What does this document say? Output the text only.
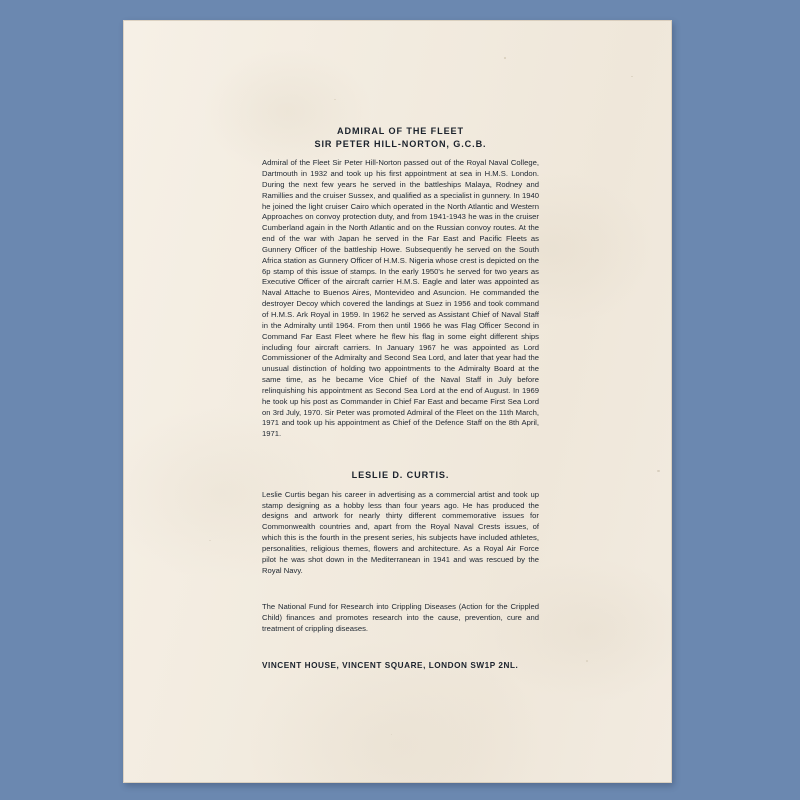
ADMIRAL OF THE FLEET
SIR PETER HILL-NORTON, G.C.B.

Admiral of the Fleet Sir Peter Hill-Norton passed out of the Royal Naval College, Dartmouth in 1932 and took up his first appointment at sea in H.M.S. London. During the next few years he served in the battleships Malaya, Rodney and Ramillies and the cruiser Sussex, and qualified as a specialist in gunnery. In 1940 he joined the light cruiser Cairo which operated in the North Atlantic and Western Approaches on convoy protection duty, and from 1941-1943 he was in the cruiser Cumberland again in the North Atlantic and on the Russian convoy routes. At the end of the war with Japan he served in the Far East and Pacific Fleets as Gunnery Officer of the battleship Howe. Subsequently he served on the South Africa station as Gunnery Officer of H.M.S. Nigeria whose crest is depicted on the 6p stamp of this issue of stamps. In the early 1950's he served for two years as Executive Officer of the aircraft carrier H.M.S. Eagle and later was appointed as Naval Attache to Buenos Aires, Montevideo and Asuncion. He commanded the destroyer Decoy which covered the landings at Suez in 1956 and took command of H.M.S. Ark Royal in 1959. In 1962 he served as Assistant Chief of Naval Staff in the Admiralty until 1964. From then until 1966 he was Flag Officer Second in Command Far East Fleet where he flew his flag in some eight different ships including four aircraft carriers. In January 1967 he was appointed as Lord Commissioner of the Admiralty and Second Sea Lord, and later that year had the unusual distinction of holding two appointments to the Admiralty Board at the same time, as he became Vice Chief of the Naval Staff in July before relinquishing his appointment as Second Sea Lord at the end of August. In 1969 he took up his post as Commander in Chief Far East and became First Sea Lord on 3rd July, 1970. Sir Peter was promoted Admiral of the Fleet on the 11th March, 1971 and took up his appointment as Chief of the Defence Staff on the 8th April, 1971.

LESLIE D. CURTIS.

Leslie Curtis began his career in advertising as a commercial artist and took up stamp designing as a hobby less than four years ago. He has produced the designs and artwork for nearly thirty different commemorative issues for Commonwealth countries and, apart from the Royal Naval Crests issues, of which this is the fourth in the present series, his subjects have included athletes, personalities, religious themes, flowers and architecture. As a Royal Air Force pilot he was shot down in the Mediterranean in 1941 and was rescued by the Royal Navy.

The National Fund for Research into Crippling Diseases (Action for the Crippled Child) finances and promotes research into the cause, prevention, cure and treatment of crippling diseases.

VINCENT HOUSE, VINCENT SQUARE, LONDON SW1P 2NL.
